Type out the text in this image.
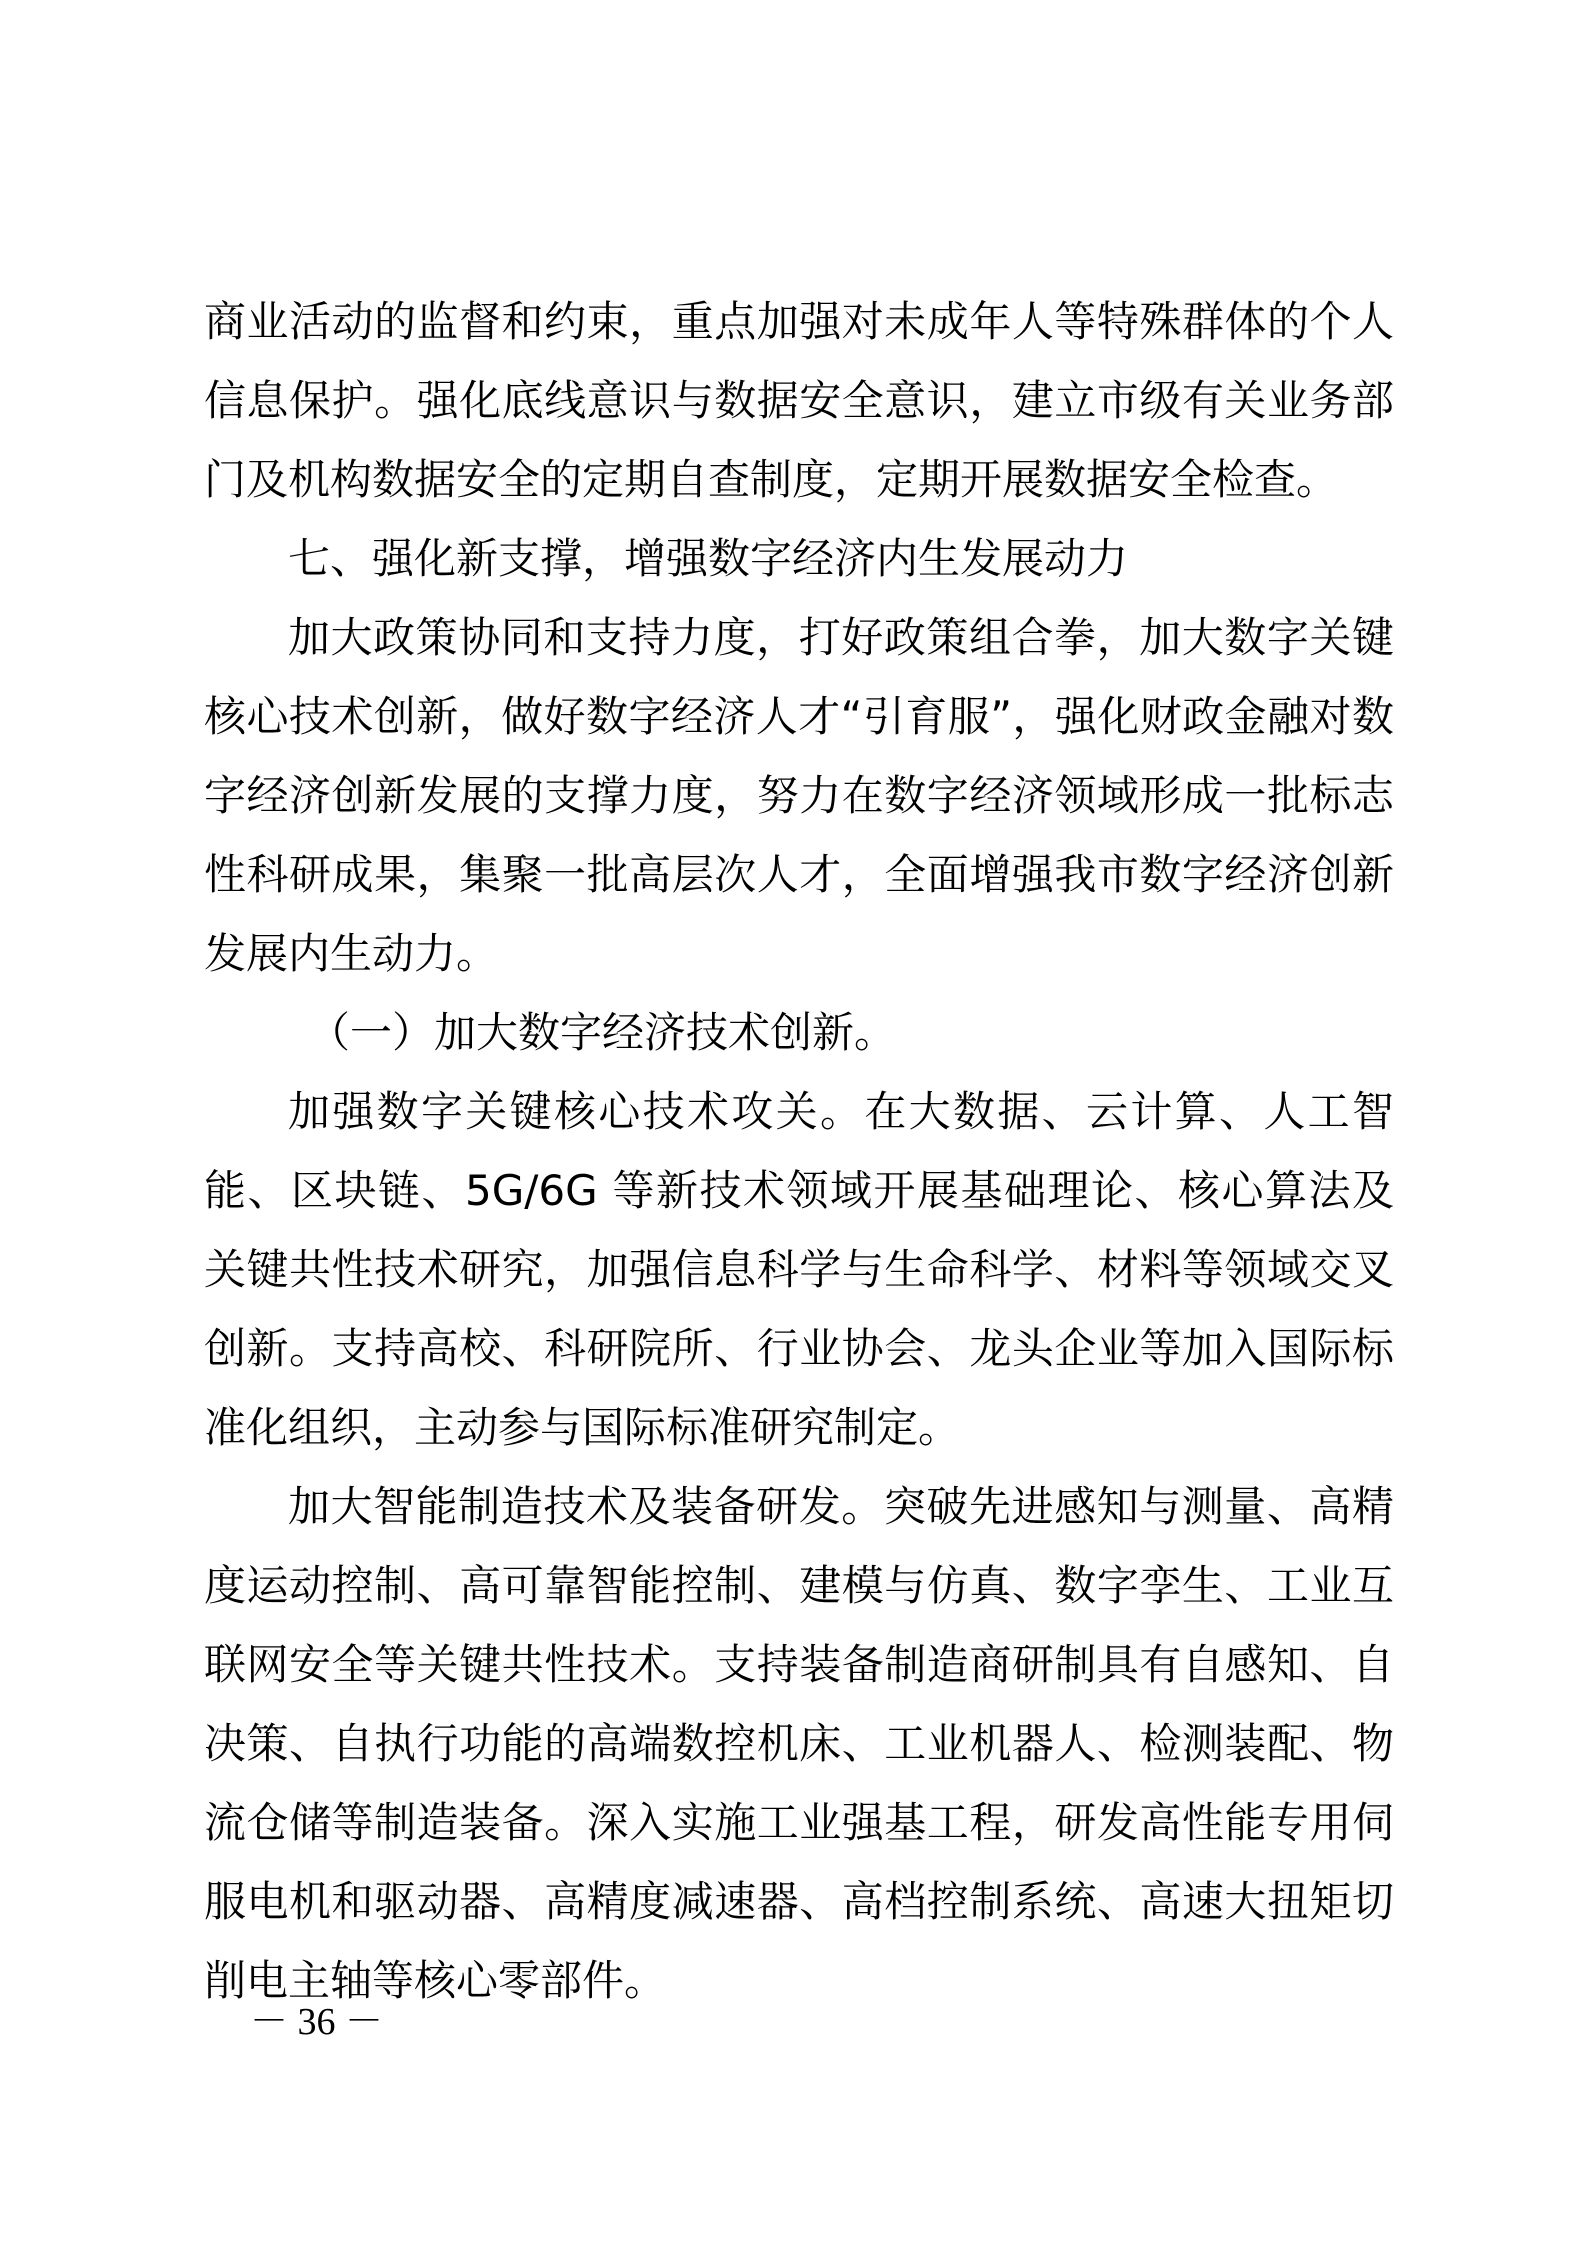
商业活动的监督和约束，重点加强对未成年人等特殊群体的个人信息保护。强化底线意识与数据安全意识，建立市级有关业务部门及机构数据安全的定期自查制度，定期开展数据安全检查。

七、强化新支撑，增强数字经济内生发展动力

加大政策协同和支持力度，打好政策组合拳，加大数字关键核心技术创新，做好数字经济人才“引育服”，强化财政金融对数字经济创新发展的支撑力度，努力在数字经济领域形成一批标志性科研成果，集聚一批高层次人才，全面增强我市数字经济创新发展内生动力。

（一）加大数字经济技术创新。

加强数字关键核心技术攻关。在大数据、云计算、人工智能、区块链、5G/6G 等新技术领域开展基础理论、核心算法及关键共性技术研究，加强信息科学与生命科学、材料等领域交叉创新。支持高校、科研院所、行业协会、龙头企业等加入国际标准化组织，主动参与国际标准研究制定。

加大智能制造技术及装备研发。突破先进感知与测量、高精度运动控制、高可靠智能控制、建模与仿真、数字孪生、工业互联网安全等关键共性技术。支持装备制造商研制具有自感知、自决策、自执行功能的高端数控机床、工业机器人、检测装配、物流仓储等制造装备。深入实施工业强基工程，研发高性能专用伺服电机和驱动器、高精度减速器、高档控制系统、高速大扭矩切削电主轴等核心零部件。

－ 36 －
